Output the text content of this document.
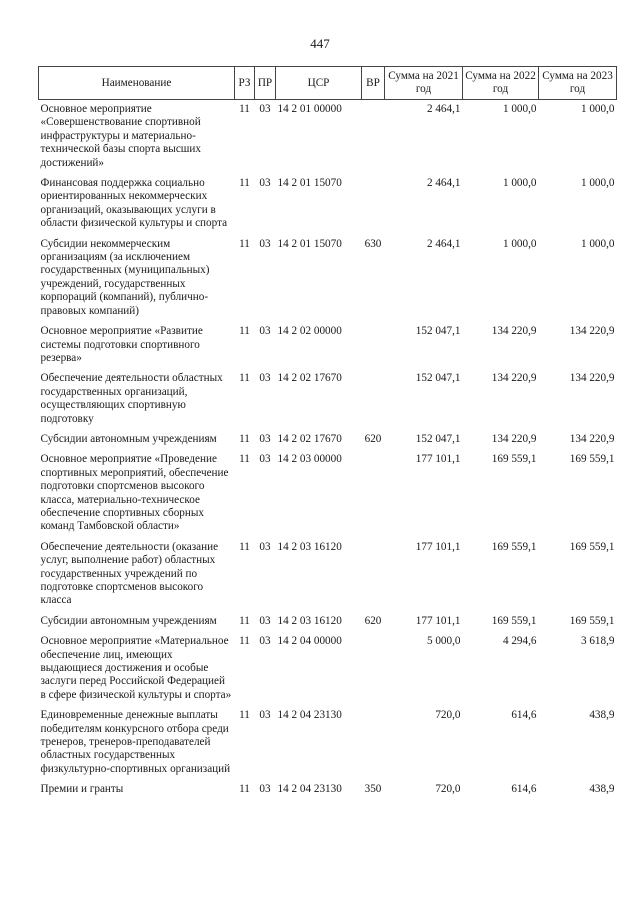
447
Наименование	РЗ	ПР	ЦСР	ВР	Сумма на 2021 год	Сумма на 2022 год	Сумма на 2023 год
Основное мероприятие «Совершенствование спортивной инфраструктуры и материально-технической базы спорта высших достижений»	11	03	14 2 01 00000		2 464,1	1 000,0	1 000,0
Финансовая поддержка социально ориентированных некоммерческих организаций, оказывающих услуги в области физической культуры и спорта	11	03	14 2 01 15070		2 464,1	1 000,0	1 000,0
Субсидии некоммерческим организациям (за исключением государственных (муниципальных) учреждений, государственных корпораций (компаний), публично-правовых компаний)	11	03	14 2 01 15070	630	2 464,1	1 000,0	1 000,0
Основное мероприятие «Развитие системы подготовки спортивного резерва»	11	03	14 2 02 00000		152 047,1	134 220,9	134 220,9
Обеспечение деятельности областных государственных организаций, осуществляющих спортивную подготовку	11	03	14 2 02 17670		152 047,1	134 220,9	134 220,9
Субсидии автономным учреждениям	11	03	14 2 02 17670	620	152 047,1	134 220,9	134 220,9
Основное мероприятие «Проведение спортивных мероприятий, обеспечение подготовки спортсменов высокого класса, материально-техническое обеспечение спортивных сборных команд Тамбовской области»	11	03	14 2 03 00000		177 101,1	169 559,1	169 559,1
Обеспечение деятельности (оказание услуг, выполнение работ) областных государственных учреждений по подготовке спортсменов высокого класса	11	03	14 2 03 16120		177 101,1	169 559,1	169 559,1
Субсидии автономным учреждениям	11	03	14 2 03 16120	620	177 101,1	169 559,1	169 559,1
Основное мероприятие «Материальное обеспечение лиц, имеющих выдающиеся достижения и особые заслуги перед Российской Федерацией в сфере физической культуры и спорта»	11	03	14 2 04 00000		5 000,0	4 294,6	3 618,9
Единовременные денежные выплаты победителям конкурсного отбора среди тренеров, тренеров-преподавателей областных государственных физкультурно-спортивных организаций	11	03	14 2 04 23130		720,0	614,6	438,9
Премии и гранты	11	03	14 2 04 23130	350	720,0	614,6	438,9
